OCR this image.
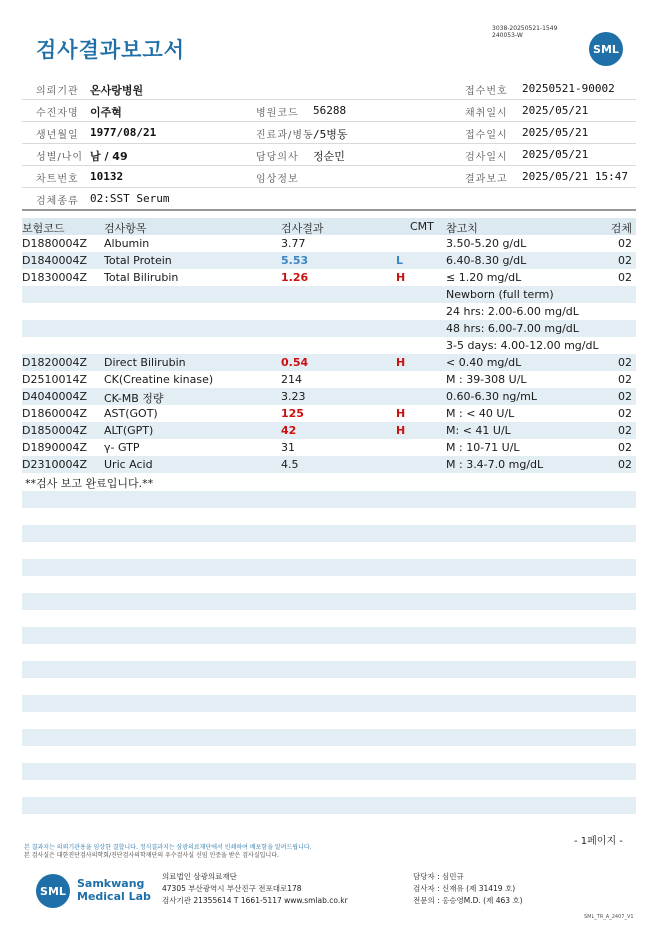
검사결과보고서
3038-20250521-1549
240053-W
SML
의뢰기관 온사랑병원	접수번호 20250521-90002
수진자명 이주혁	병원코드 56288	채취일시 2025/05/21
생년월일 1977/08/21	진료과/병동 /5병동	접수일시 2025/05/21
성별/나이 남 / 49	담당의사 정순민	검사일시 2025/05/21
차트번호 10132	임상정보	결과보고 2025/05/21 15:47
검체종류 02:SST Serum
보험코드	검사항목	검사결과	CMT 참고치	검체
D1880004Z Albumin	3.77	3.50-5.20 g/dL	02
D1840004Z Total Protein	5.53	L	6.40-8.30 g/dL	02
D1830004Z Total Bilirubin	1.26	H	≤ 1.20 mg/dL	02
Newborn (full term)
24 hrs: 2.00-6.00 mg/dL
48 hrs: 6.00-7.00 mg/dL
3-5 days: 4.00-12.00 mg/dL
D1820004Z Direct Bilirubin	0.54	H	< 0.40 mg/dL	02
D2510014Z CK(Creatine kinase)	214	M : 39-308 U/L	02
D4040004Z CK-MB 정량	3.23	0.60-6.30 ng/mL	02
D1860004Z AST(GOT)	125	H	M : < 40 U/L	02
D1850004Z ALT(GPT)	42	H	M: < 41 U/L	02
D1890004Z γ- GTP	31	M : 10-71 U/L	02
D2310004Z Uric Acid	4.5	M : 3.4-7.0 mg/dL	02
**검사 보고 완료입니다.**
- 1페이지 -
본 결과지는 의뢰기관용을 임상한 결합니다. 정식결과지는 삼광의료재단에서 인쇄하여 배포함을 알려드립니다.
본 검사실은 대한진단검사의학회/진단검사의학재단의 우수검사실 신임 인증을 받은 검사실입니다.
SML
Samkwang
Medical Lab
의료법인 삼광의료재단
47305 부산광역시 부산진구 전포대로178
검사기관 21355614 T 1661-5117 www.smlab.co.kr
담당자 : 심민규
검사자 : 신재유 (제 31419 호)
전문의 : 옹승영M.D. (제 463 호)
SML_TR_A_2407_V1
